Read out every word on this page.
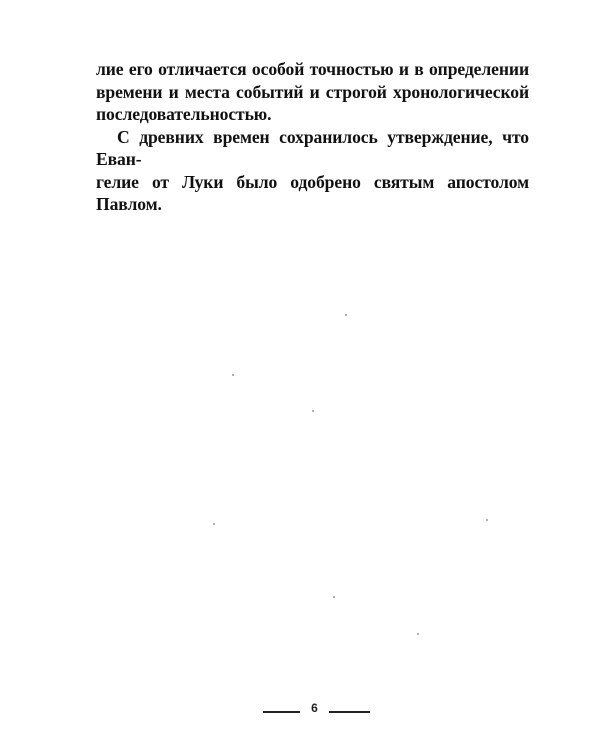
лие его отличается особой точностью и в определении
времени и места событий и строгой хронологической
последовательностью.
С древних времен сохранилось утверждение, что Еван-
гелие от Луки было одобрено святым апостолом Павлом.
6
